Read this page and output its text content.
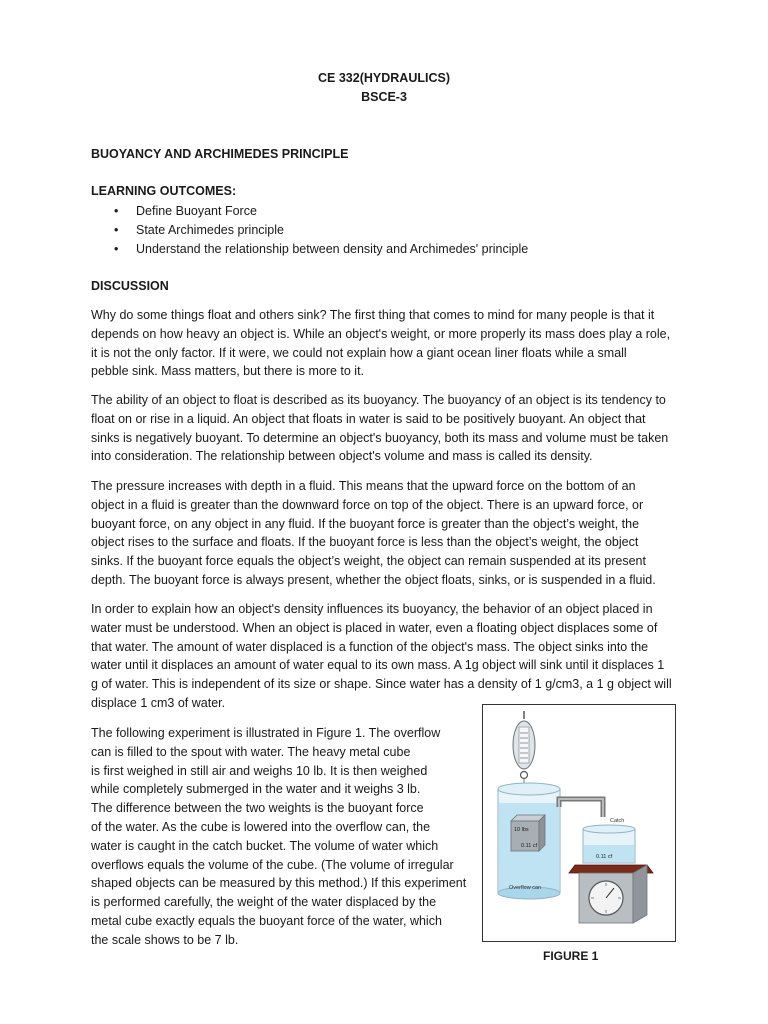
CE 332(HYDRAULICS)
BSCE-3
BUOYANCY AND ARCHIMEDES PRINCIPLE
LEARNING OUTCOMES:
• Define Buoyant Force
• State Archimedes principle
• Understand the relationship between density and Archimedes' principle
DISCUSSION

Why do some things float and others sink? The first thing that comes to mind for many people is that it
depends on how heavy an object is. While an object's weight, or more properly its mass does play a role,
it is not the only factor. If it were, we could not explain how a giant ocean liner floats while a small
pebble sink. Mass matters, but there is more to it.

The ability of an object to float is described as its buoyancy. The buoyancy of an object is its tendency to
float on or rise in a liquid. An object that floats in water is said to be positively buoyant. An object that
sinks is negatively buoyant. To determine an object's buoyancy, both its mass and volume must be taken
into consideration. The relationship between object's volume and mass is called its density.

The pressure increases with depth in a fluid. This means that the upward force on the bottom of an
object in a fluid is greater than the downward force on top of the object. There is an upward force, or
buoyant force, on any object in any fluid. If the buoyant force is greater than the object’s weight, the
object rises to the surface and floats. If the buoyant force is less than the object’s weight, the object
sinks. If the buoyant force equals the object’s weight, the object can remain suspended at its present
depth. The buoyant force is always present, whether the object floats, sinks, or is suspended in a fluid.

In order to explain how an object's density influences its buoyancy, the behavior of an object placed in
water must be understood. When an object is placed in water, even a floating object displaces some of
that water. The amount of water displaced is a function of the object's mass. The object sinks into the
water until it displaces an amount of water equal to its own mass. A 1g object will sink until it displaces 1
g of water. This is independent of its size or shape. Since water has a density of 1 g/cm3, a 1 g object will
displace 1 cm3 of water.

The following experiment is illustrated in Figure 1. The overflow
can is filled to the spout with water. The heavy metal cube
is first weighed in still air and weighs 10 lb. It is then weighed
while completely submerged in the water and it weighs 3 lb.
The difference between the two weights is the buoyant force
of the water. As the cube is lowered into the overflow can, the
water is caught in the catch bucket. The volume of water which
overflows equals the volume of the cube. (The volume of irregular
shaped objects can be measured by this method.) If this experiment
is performed carefully, the weight of the water displaced by the
metal cube exactly equals the buoyant force of the water, which
the scale shows to be 7 lb.

10 lbs
0.11 cf
Overflow can
Catch
0.11 cf
FIGURE 1
